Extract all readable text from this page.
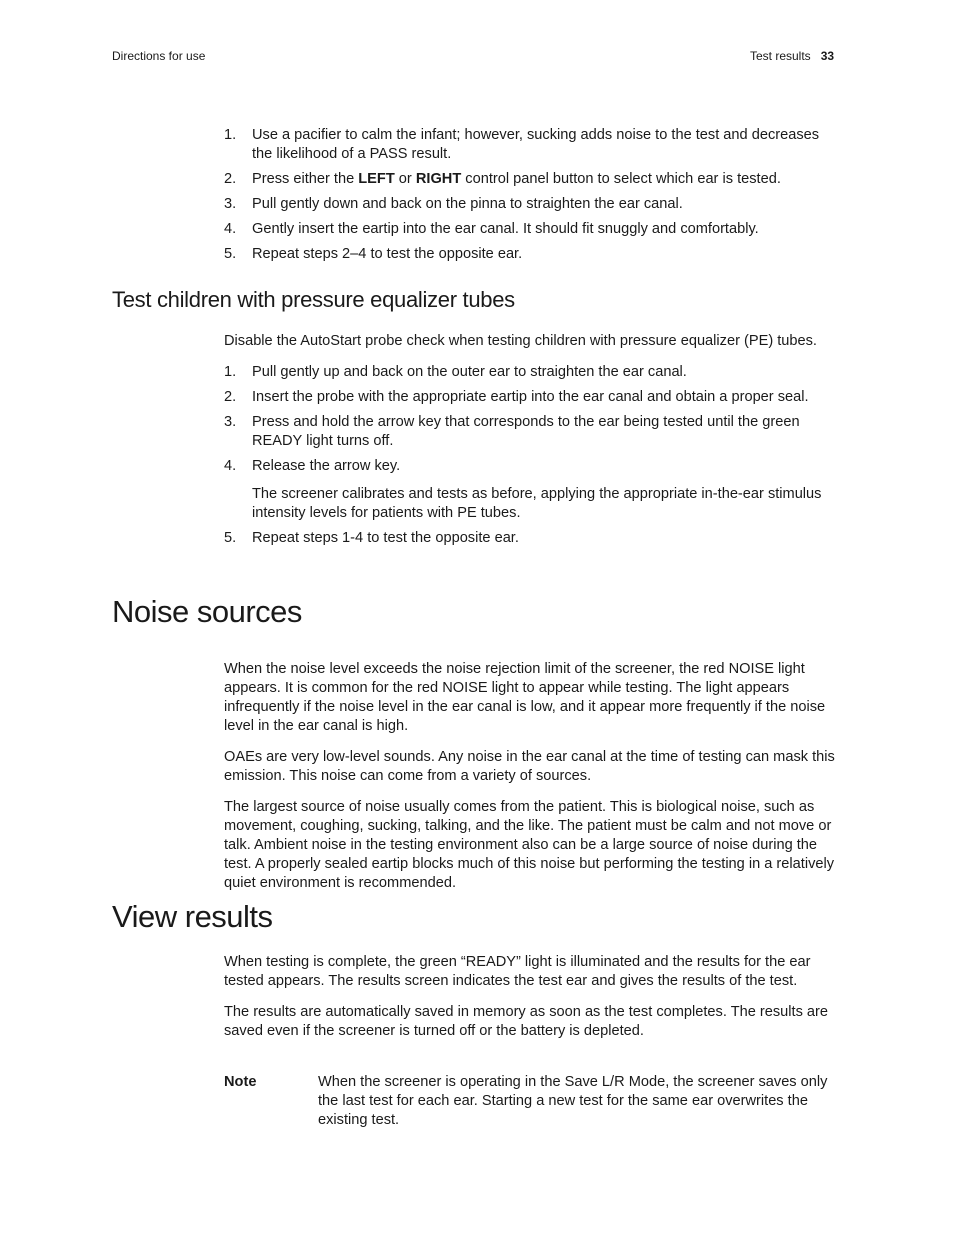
Directions for use	Test results 33
1. Use a pacifier to calm the infant; however, sucking adds noise to the test and decreases the likelihood of a PASS result.
2. Press either the LEFT or RIGHT control panel button to select which ear is tested.
3. Pull gently down and back on the pinna to straighten the ear canal.
4. Gently insert the eartip into the ear canal. It should fit snuggly and comfortably.
5. Repeat steps 2–4 to test the opposite ear.
Test children with pressure equalizer tubes

Disable the AutoStart probe check when testing children with pressure equalizer (PE) tubes.

1. Pull gently up and back on the outer ear to straighten the ear canal.
2. Insert the probe with the appropriate eartip into the ear canal and obtain a proper seal.
3. Press and hold the arrow key that corresponds to the ear being tested until the green READY light turns off.
4. Release the arrow key.
The screener calibrates and tests as before, applying the appropriate in-the-ear stimulus intensity levels for patients with PE tubes.
5. Repeat steps 1-4 to test the opposite ear.
Noise sources

When the noise level exceeds the noise rejection limit of the screener, the red NOISE light appears. It is common for the red NOISE light to appear while testing. The light appears infrequently if the noise level in the ear canal is low, and it appear more frequently if the noise level in the ear canal is high.

OAEs are very low-level sounds. Any noise in the ear canal at the time of testing can mask this emission. This noise can come from a variety of sources.

The largest source of noise usually comes from the patient. This is biological noise, such as movement, coughing, sucking, talking, and the like. The patient must be calm and not move or talk. Ambient noise in the testing environment also can be a large source of noise during the test. A properly sealed eartip blocks much of this noise but performing the testing in a relatively quiet environment is recommended.

View results

When testing is complete, the green “READY” light is illuminated and the results for the ear tested appears. The results screen indicates the test ear and gives the results of the test.

The results are automatically saved in memory as soon as the test completes. The results are saved even if the screener is turned off or the battery is depleted.

Note	When the screener is operating in the Save L/R Mode, the screener saves only the last test for each ear. Starting a new test for the same ear overwrites the existing test.
